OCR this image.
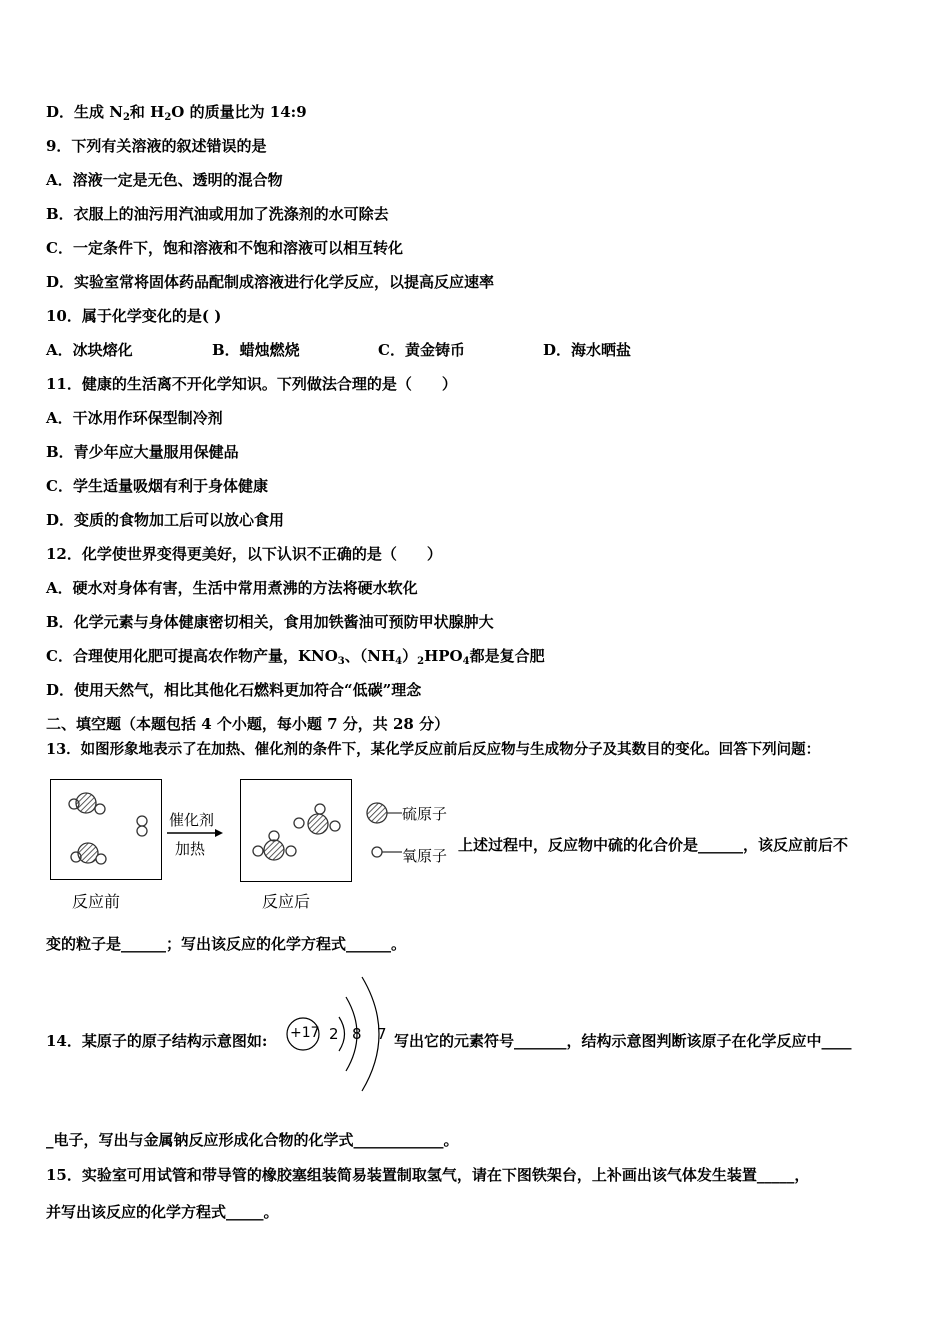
D．生成 $N_2$和 $H_2O$ 的质量比为 14:9
9．下列有关溶液的叙述错误的是
A．溶液一定是无色、透明的混合物
B．衣服上的油污用汽油或用加了洗涤剂的水可除去
C．一定条件下，饱和溶液和不饱和溶液可以相互转化
D．实验室常将固体药品配制成溶液进行化学反应，以提高反应速率
10．属于化学变化的是( )
A．冰块熔化	B．蜡烛燃烧	C．黄金铸币	D．海水晒盐
11．健康的生活离不开化学知识。下列做法合理的是（　　）
A．干冰用作环保型制冷剂
B．青少年应大量服用保健品
C．学生适量吸烟有利于身体健康
D．变质的食物加工后可以放心食用
12．化学使世界变得更美好，以下认识不正确的是（　　）
A．硬水对身体有害，生活中常用煮沸的方法将硬水软化
B．化学元素与身体健康密切相关，食用加铁酱油可预防甲状腺肿大
C．合理使用化肥可提高农作物产量，$KNO_3$、$(NH_4)_2HPO_4$都是复合肥
D．使用天然气，相比其他化石燃料更加符合“低碳”理念
二、填空题（本题包括 4 个小题，每小题 7 分，共 28 分）
13．如图形象地表示了在加热、催化剂的条件下，某化学反应前后反应物与生成物分子及其数目的变化。回答下列问题：
反应前
催化剂
加热
反应后
硫原子
氧原子
上述过程中，反应物中硫的化合价是______，该反应前后不
变的粒子是______；写出该反应的化学方程式______。
14．某原子的原子结构示意图如: +17 2 8 7 写出它的元素符号_______，结构示意图判断该原子在化学反应中____
_电子，写出与金属钠反应形成化合物的化学式____________。
15．实验室可用试管和带导管的橡胶塞组装简易装置制取氢气，请在下图铁架台，上补画出该气体发生装置_____，
并写出该反应的化学方程式_____。
